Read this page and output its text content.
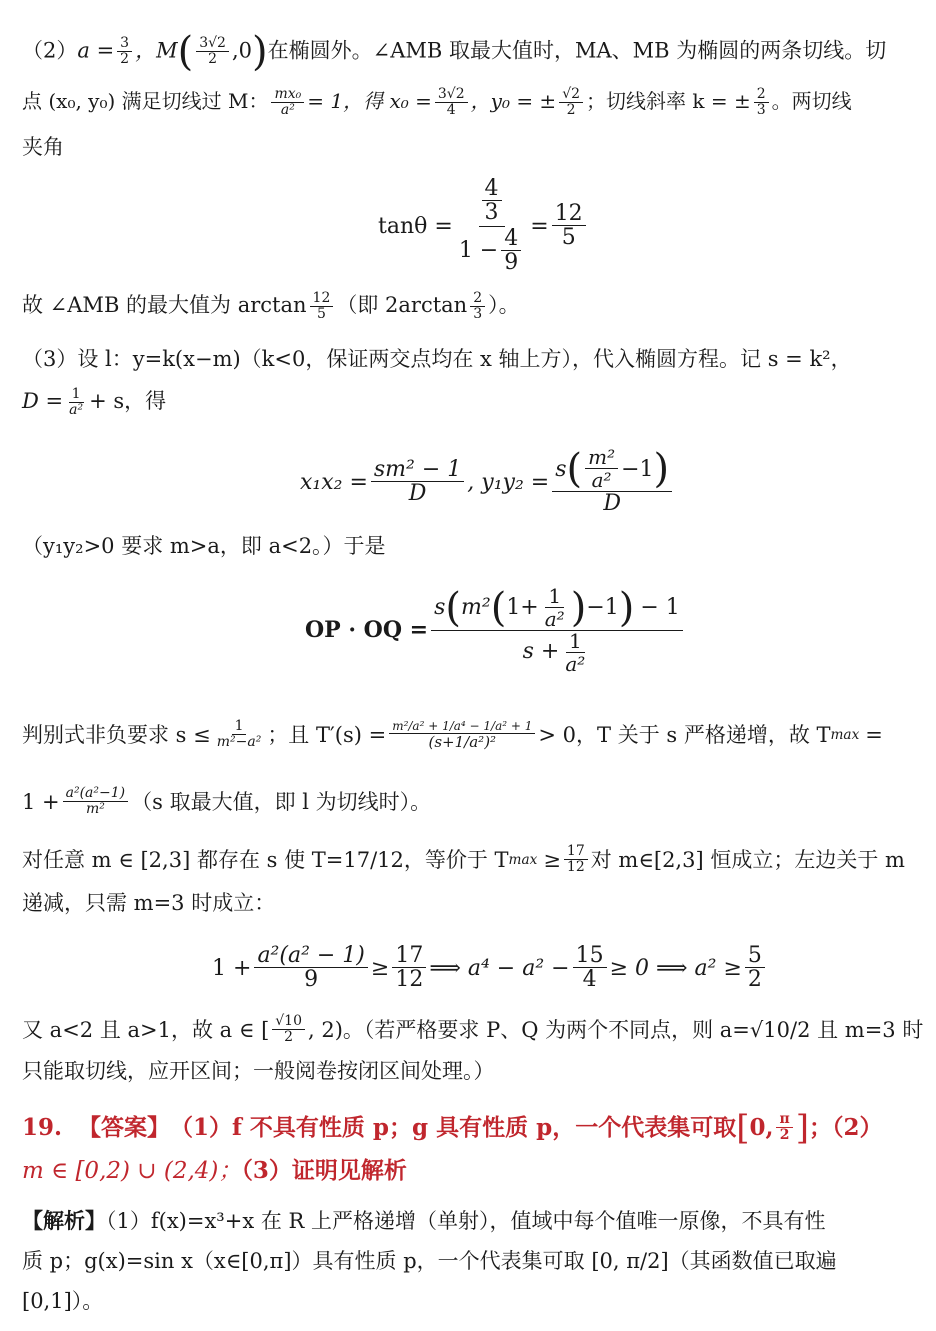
$(2)a = \frac{3}{2}$ ，$M( \frac{3√2}{2} ,0)$在椭圆外。∠AMB 取最大值时，MA、MB 为椭圆的两条切线。切
点 (x₀, y₀) 满足切线过 M： $\frac{\text{mx₀}}{\text{a²}} = 1$，得 $x_0 = \frac{3√2}{4}$ ，y₀ = ± $\frac{√2}{2}$ ；切线斜率 k = ± $\frac{2}{3}$ 。两切线
夹角
$\tan\theta = \frac{\frac{4}{3}}{1 - \frac{4}{9}} = \frac{12}{5}$
故 ∠AMB 的最大值为 $\arctan \frac{12}{5}$ （即 $2\arctan \frac{2}{3}$ ）。
（3）设 l：y=k(x−m)（k<0，保证两交点均在 x 轴上方），代入椭圆方程。记 s = k²，
$D = \frac{1}{\text{a²}} + s$，得
$x_1x_2 = \frac{\text{sm² − 1}}{D}$ , $y_1y_2 = \frac{s ( \frac{\text{m²}}{\text{a²}} -1 )}{D}$
（y₁y₂>0 要求 m>a，即 a<2。）于是
OP · OQ = $\frac{s ( m^2 ( 1+ \frac{1}{\text{a²}} ) -1 ) - 1}{s + \frac{1}{\text{a²}}}$
判别式非负要求 $s \le \frac{1}{\text{m²−a²}}$ ；且 $T'(s) = \frac{\text{m²/a² + 1/a⁴ − 1/a² + 1}}{\text{(s+1/a²)²}} > 0$，T 关于 s 严格递增，故 T max =
$1 + \frac{\text{a²(a²−1)}}{\text{m²}} (s$ 取最大值，即 l 为切线时）。
对任意 m ∈ [2,3] 都存在 s 使 T=17/12，等价于 T $\max \ge \frac{17}{12}$ 对 m∈[2,3] 恒成立；左边关于 m
递减，只需 m=3 时成立：
$1 + \frac{\text{a²(a² − 1)}}{9} \ge \frac{17}{12}$ ⟹ $a^4 - a^2 - \frac{15}{4} \ge 0$ ⟹ $a^2 \ge \frac{5}{2}$
又 a<2 且 a>1，故 a ∈ [ $\frac{√10}{2}$ , 2)。（若严格要求 P、Q 为两个不同点，则 a=√10/2 且 m=3 时
只能取切线，应开区间；一般阅卷按闭区间处理。）
19. 【答案】 （1）f 不具有性质 p；g 具有性质 p，一个代表集可取 [ 0, $\frac{\pi}{2}$ ] ；（2）
m ∈ [0,2) ∪ (2,4)；（3）证明见解析
【解析】（1）f(x)=x³+x 在 R 上严格递增（单射），值域中每个值唯一原像，不具有性
质 p；g(x)=sin x（x∈[0,π]）具有性质 p，一个代表集可取 [0, π/2]（其函数值已取遍
[0,1]）。
